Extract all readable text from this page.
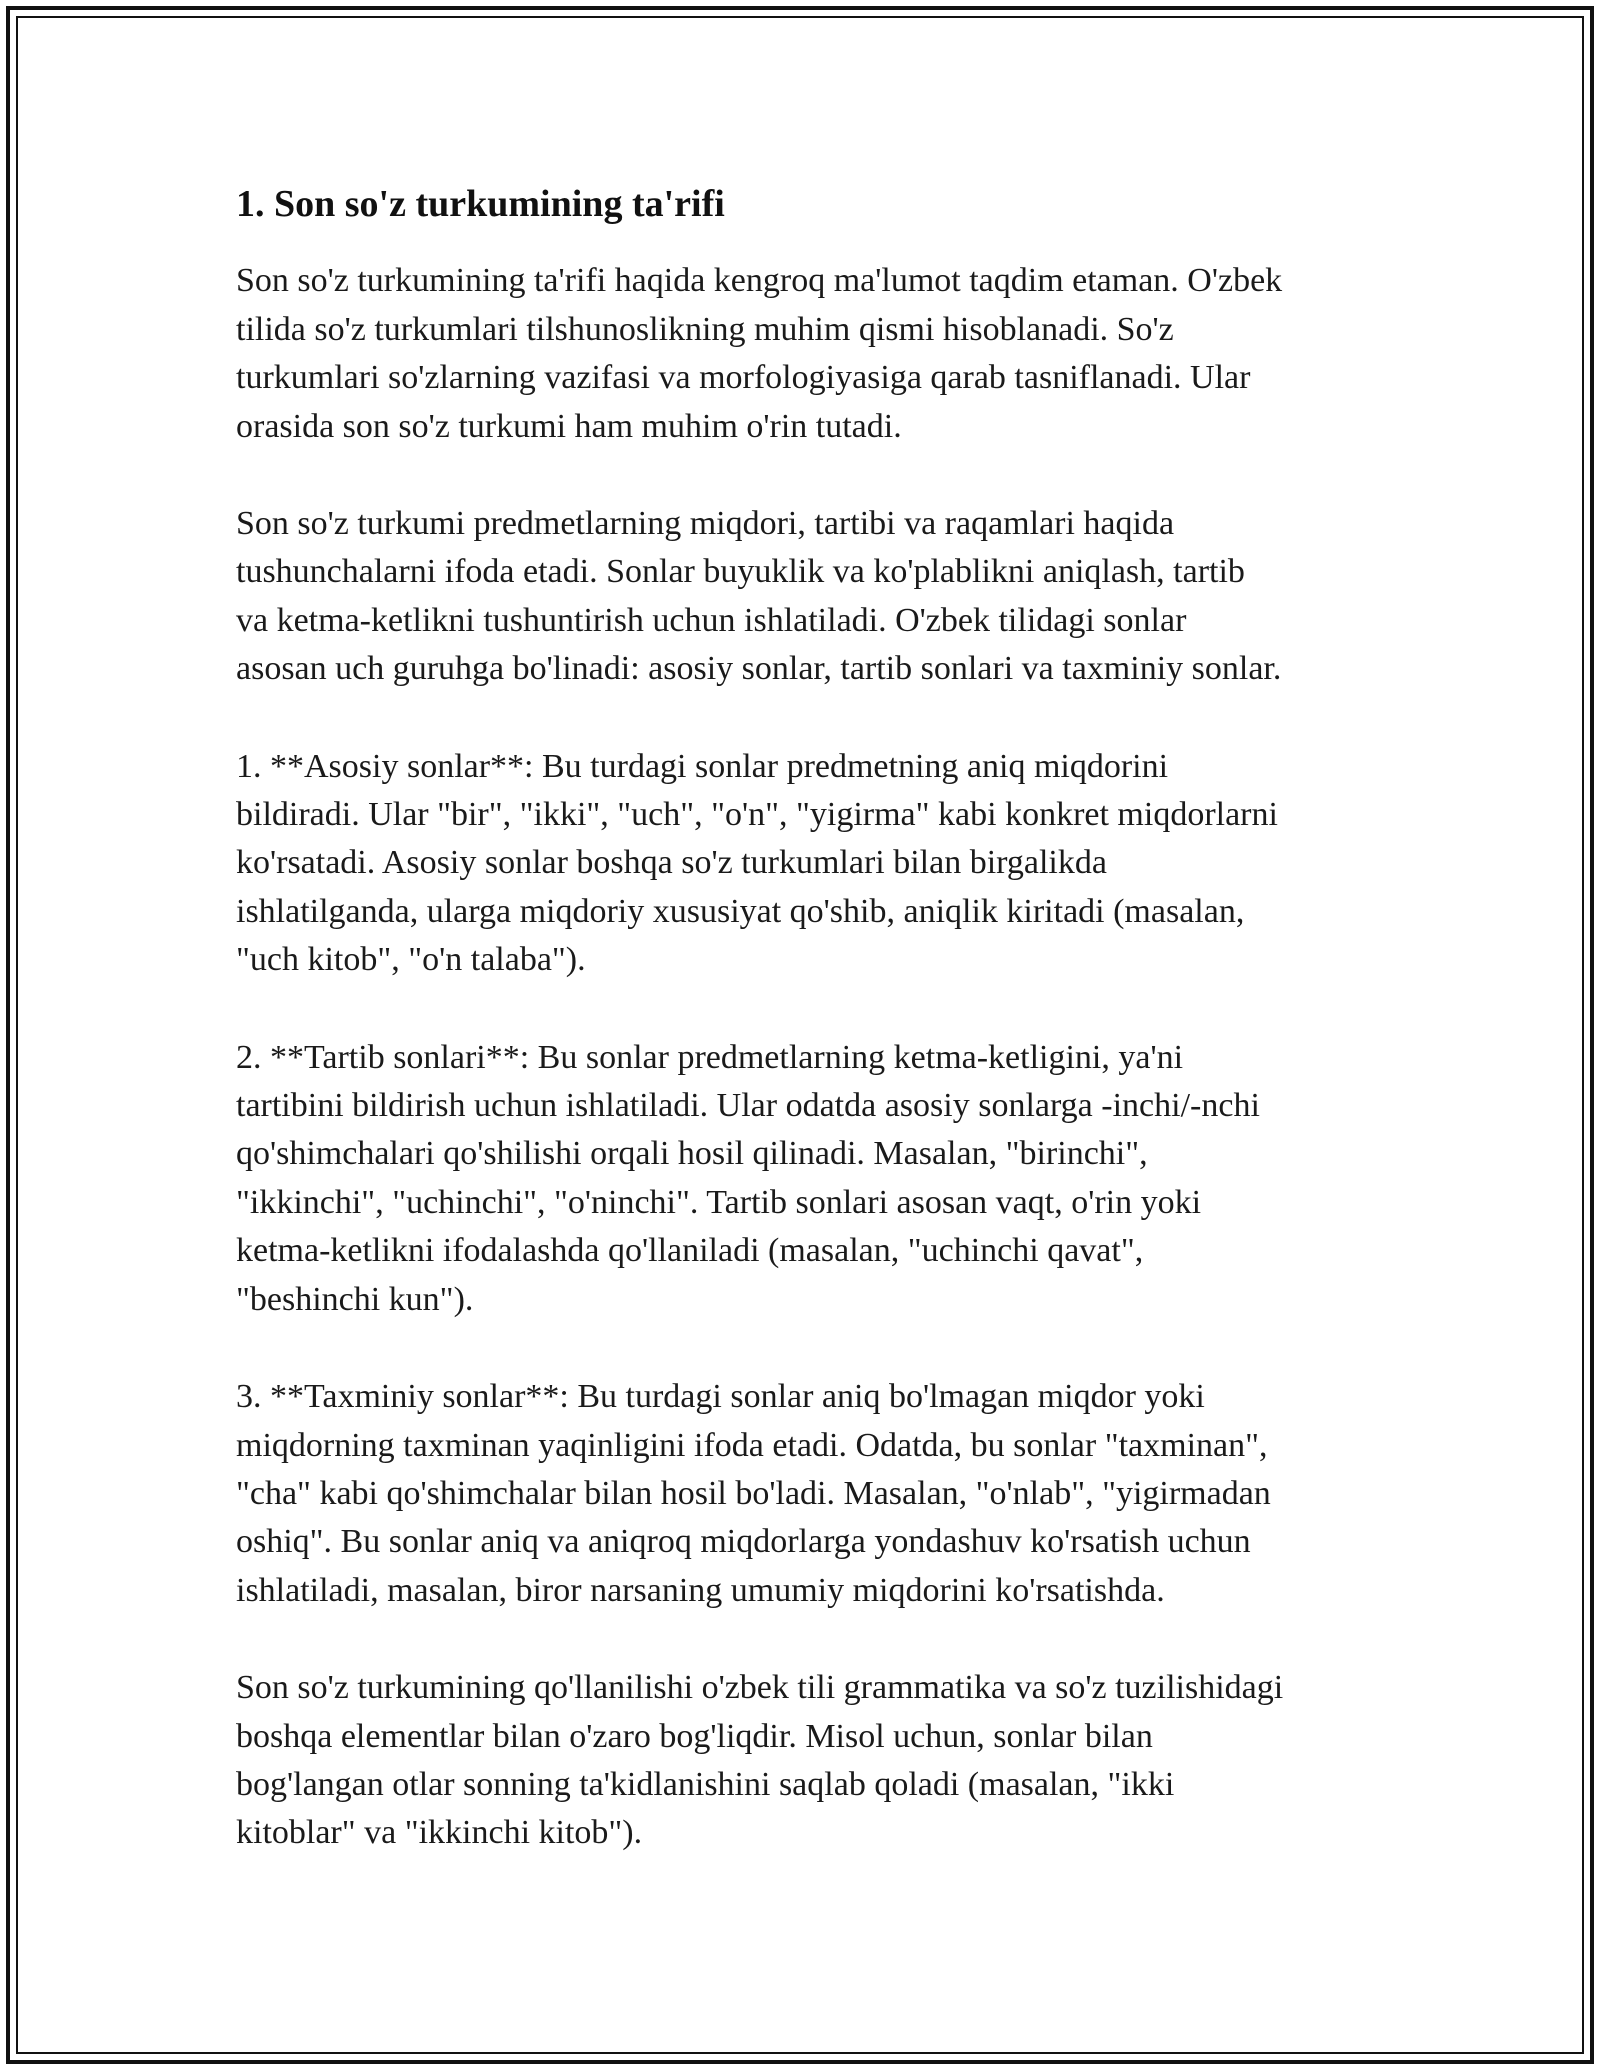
1. Son so'z turkumining ta'rifi

Son so'z turkumining ta'rifi haqida kengroq ma'lumot taqdim etaman. O'zbek
tilida so'z turkumlari tilshunoslikning muhim qismi hisoblanadi. So'z
turkumlari so'zlarning vazifasi va morfologiyasiga qarab tasniflanadi. Ular
orasida son so'z turkumi ham muhim o'rin tutadi.

Son so'z turkumi predmetlarning miqdori, tartibi va raqamlari haqida
tushunchalarni ifoda etadi. Sonlar buyuklik va ko'plablikni aniqlash, tartib
va ketma-ketlikni tushuntirish uchun ishlatiladi. O'zbek tilidagi sonlar
asosan uch guruhga bo'linadi: asosiy sonlar, tartib sonlari va taxminiy sonlar.

1. **Asosiy sonlar**: Bu turdagi sonlar predmetning aniq miqdorini
bildiradi. Ular "bir", "ikki", "uch", "o'n", "yigirma" kabi konkret miqdorlarni
ko'rsatadi. Asosiy sonlar boshqa so'z turkumlari bilan birgalikda
ishlatilganda, ularga miqdoriy xususiyat qo'shib, aniqlik kiritadi (masalan,
"uch kitob", "o'n talaba").

2. **Tartib sonlari**: Bu sonlar predmetlarning ketma-ketligini, ya'ni
tartibini bildirish uchun ishlatiladi. Ular odatda asosiy sonlarga -inchi/-nchi
qo'shimchalari qo'shilishi orqali hosil qilinadi. Masalan, "birinchi",
"ikkinchi", "uchinchi", "o'ninchi". Tartib sonlari asosan vaqt, o'rin yoki
ketma-ketlikni ifodalashda qo'llaniladi (masalan, "uchinchi qavat",
"beshinchi kun").

3. **Taxminiy sonlar**: Bu turdagi sonlar aniq bo'lmagan miqdor yoki
miqdorning taxminan yaqinligini ifoda etadi. Odatda, bu sonlar "taxminan",
"cha" kabi qo'shimchalar bilan hosil bo'ladi. Masalan, "o'nlab", "yigirmadan
oshiq". Bu sonlar aniq va aniqroq miqdorlarga yondashuv ko'rsatish uchun
ishlatiladi, masalan, biror narsaning umumiy miqdorini ko'rsatishda.

Son so'z turkumining qo'llanilishi o'zbek tili grammatika va so'z tuzilishidagi
boshqa elementlar bilan o'zaro bog'liqdir. Misol uchun, sonlar bilan
bog'langan otlar sonning ta'kidlanishini saqlab qoladi (masalan, "ikki
kitoblar" va "ikkinchi kitob").
